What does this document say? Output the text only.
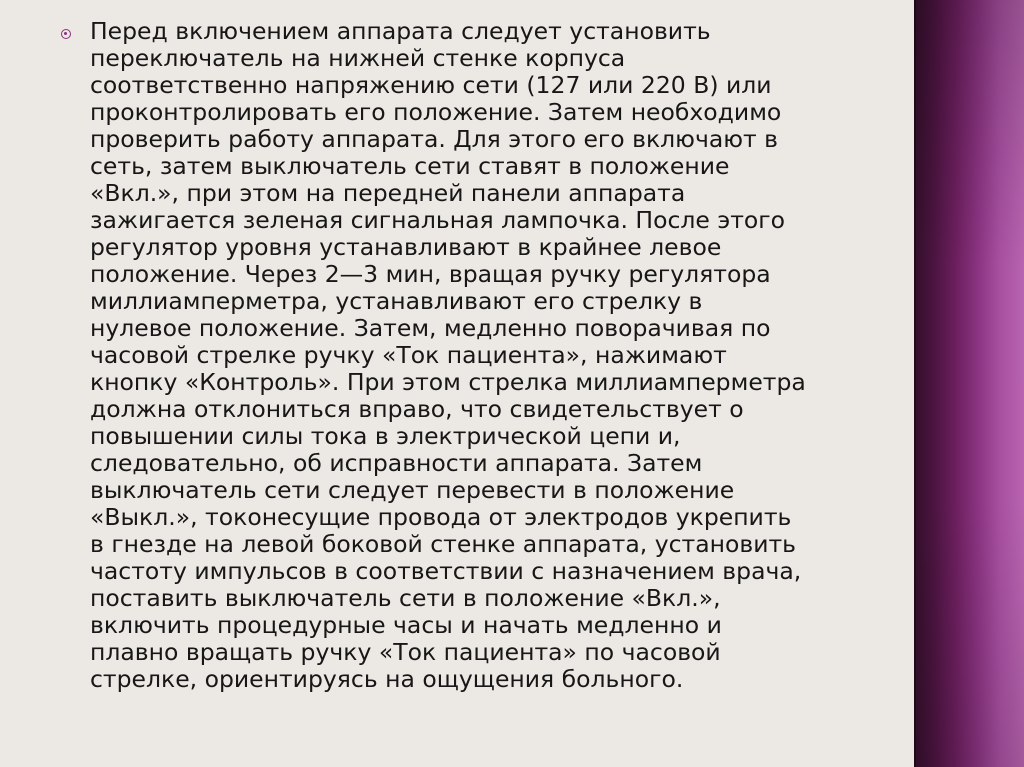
Перед включением аппарата следует установить
переключатель на нижней стенке корпуса
соответственно напряжению сети (127 или 220 В) или
проконтролировать его положение. Затем необходимо
проверить работу аппарата. Для этого его включают в
сеть, затем выключатель сети ставят в положение
«Вкл.», при этом на передней панели аппарата
зажигается зеленая сигнальная лампочка. После этого
регулятор уровня устанавливают в крайнее левое
положение. Через 2—3 мин, вращая ручку регулятора
миллиамперметра, устанавливают его стрелку в
нулевое положение. Затем, медленно поворачивая по
часовой стрелке ручку «Ток пациента», нажимают
кнопку «Контроль». При этом стрелка миллиамперметра
должна отклониться вправо, что свидетельствует о
повышении силы тока в электрической цепи и,
следовательно, об исправности аппарата. Затем
выключатель сети следует перевести в положение
«Выкл.», токонесущие провода от электродов укрепить
в гнезде на левой боковой стенке аппарата, установить
частоту импульсов в соответствии с назначением врача,
поставить выключатель сети в положение «Вкл.»,
включить процедурные часы и начать медленно и
плавно вращать ручку «Ток пациента» по часовой
стрелке, ориентируясь на ощущения больного.
